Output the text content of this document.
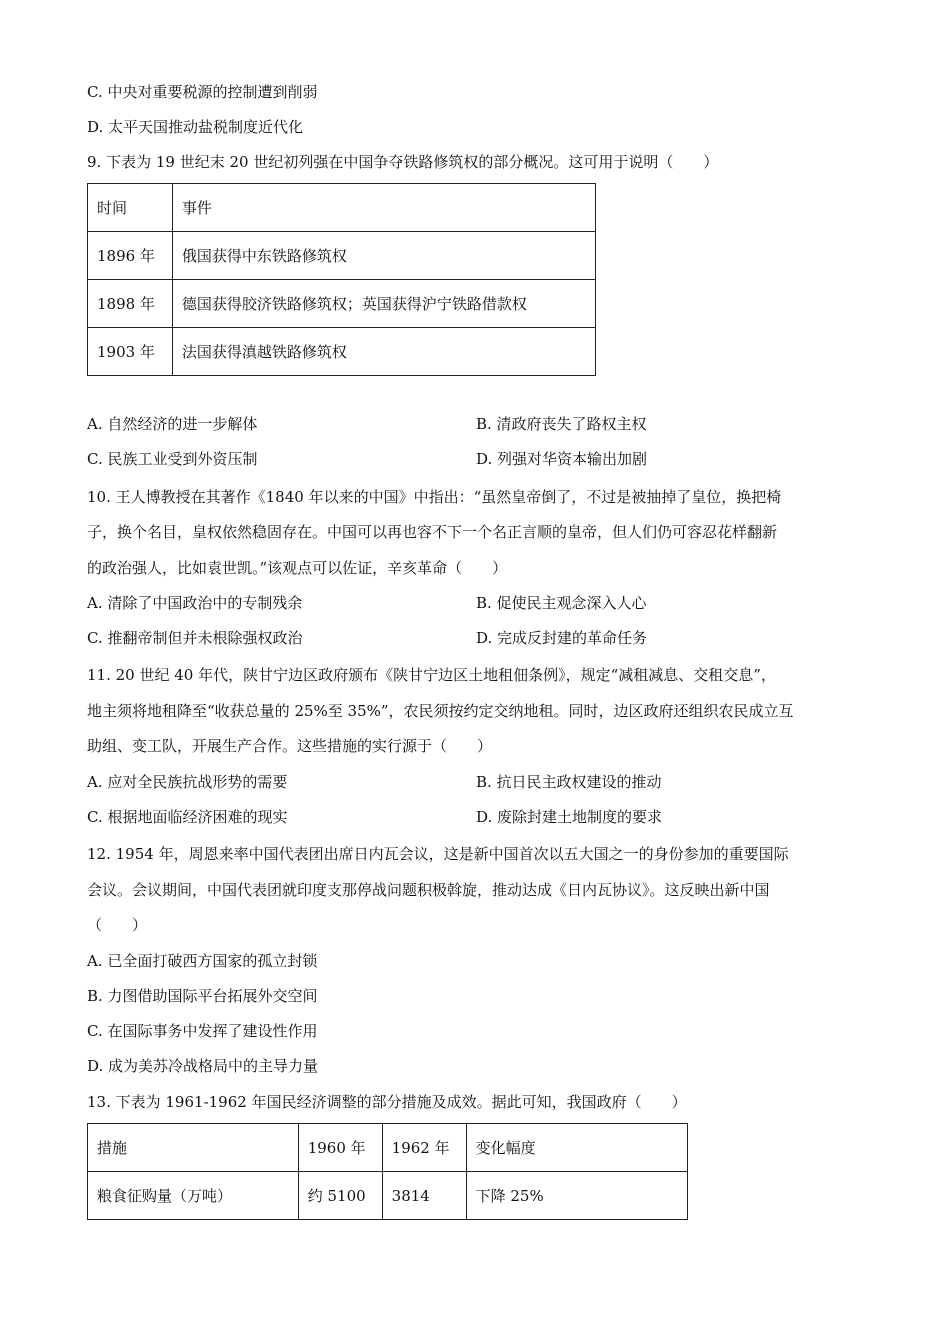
C. 中央对重要税源的控制遭到削弱
D. 太平天国推动盐税制度近代化
9. 下表为 19 世纪末 20 世纪初列强在中国争夺铁路修筑权的部分概况。这可用于说明（　　）
时间	事件
1896 年	俄国获得中东铁路修筑权
1898 年	德国获得胶济铁路修筑权；英国获得沪宁铁路借款权
1903 年	法国获得滇越铁路修筑权
A. 自然经济的进一步解体	B. 清政府丧失了路权主权
C. 民族工业受到外资压制	D. 列强对华资本输出加剧
10. 王人博教授在其著作《1840 年以来的中国》中指出：“虽然皇帝倒了，不过是被抽掉了皇位，换把椅
子，换个名目，皇权依然稳固存在。中国可以再也容不下一个名正言顺的皇帝，但人们仍可容忍花样翻新
的政治强人，比如袁世凯。”该观点可以佐证，辛亥革命（　　）
A. 清除了中国政治中的专制残余	B. 促使民主观念深入人心
C. 推翻帝制但并未根除强权政治	D. 完成反封建的革命任务
11. 20 世纪 40 年代，陕甘宁边区政府颁布《陕甘宁边区土地租佃条例》，规定“减租减息、交租交息”，
地主须将地租降至“收获总量的 25%至 35%”，农民须按约定交纳地租。同时，边区政府还组织农民成立互
助组、变工队，开展生产合作。这些措施的实行源于（　　）
A. 应对全民族抗战形势的需要	B. 抗日民主政权建设的推动
C. 根据地面临经济困难的现实	D. 废除封建土地制度的要求
12. 1954 年，周恩来率中国代表团出席日内瓦会议，这是新中国首次以五大国之一的身份参加的重要国际
会议。会议期间，中国代表团就印度支那停战问题积极斡旋，推动达成《日内瓦协议》。这反映出新中国
（　　）
A. 已全面打破西方国家的孤立封锁
B. 力图借助国际平台拓展外交空间
C. 在国际事务中发挥了建设性作用
D. 成为美苏冷战格局中的主导力量
13. 下表为 1961-1962 年国民经济调整的部分措施及成效。据此可知，我国政府（　　）
措施	1960 年	1962 年	变化幅度
粮食征购量（万吨）	约 5100	3814	下降 25%
